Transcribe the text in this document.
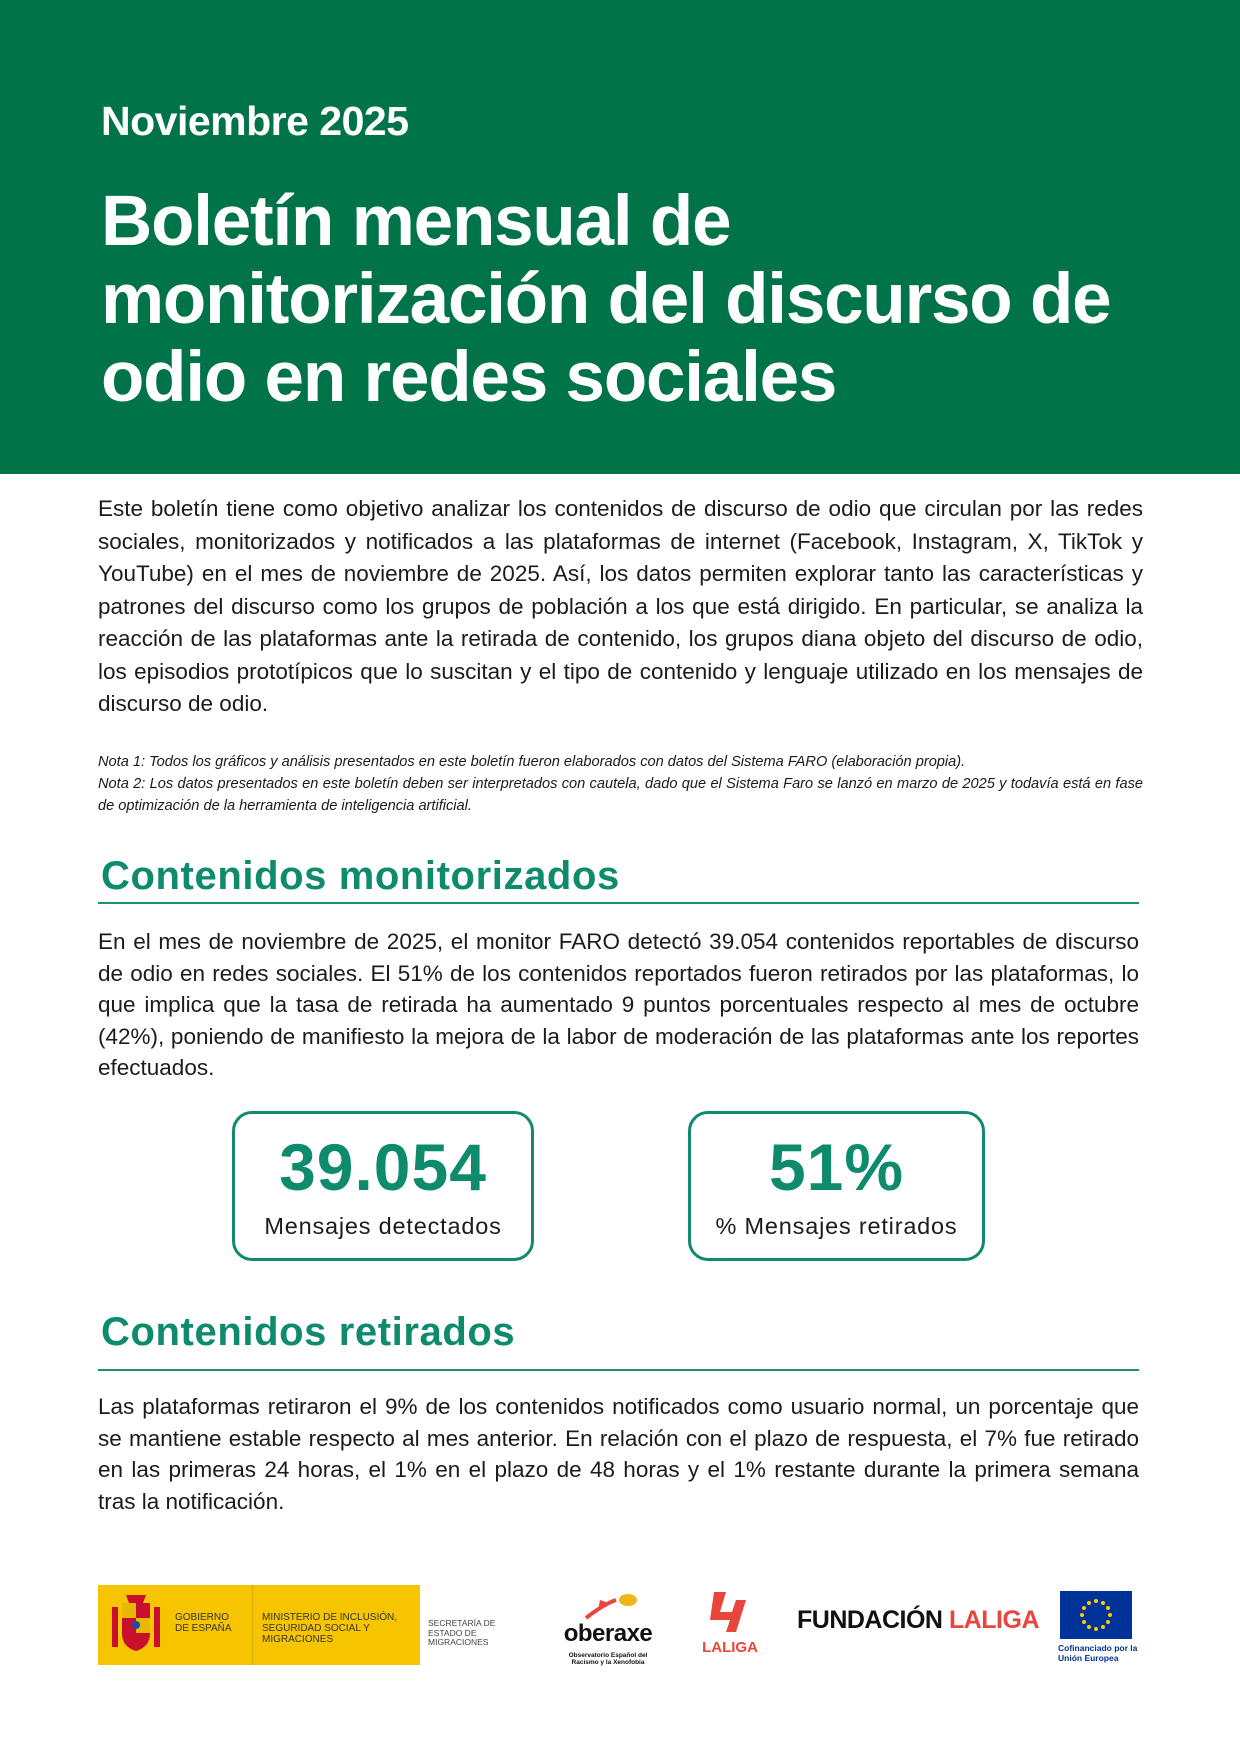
Noviembre 2025
Boletín mensual de monitorización del discurso de odio en redes sociales

Este boletín tiene como objetivo analizar los contenidos de discurso de odio que circulan por las redes sociales, monitorizados y notificados a las plataformas de internet (Facebook, Instagram, X, TikTok y YouTube) en el mes de noviembre de 2025. Así, los datos permiten explorar tanto las características y patrones del discurso como los grupos de población a los que está dirigido. En particular, se analiza la reacción de las plataformas ante la retirada de contenido, los grupos diana objeto del discurso de odio, los episodios prototípicos que lo suscitan y el tipo de contenido y lenguaje utilizado en los mensajes de discurso de odio.

Nota 1: Todos los gráficos y análisis presentados en este boletín fueron elaborados con datos del Sistema FARO (elaboración propia).
Nota 2: Los datos presentados en este boletín deben ser interpretados con cautela, dado que el Sistema Faro se lanzó en marzo de 2025 y todavía está en fase de optimización de la herramienta de inteligencia artificial.
Contenidos monitorizados

En el mes de noviembre de 2025, el monitor FARO detectó 39.054 contenidos reportables de discurso de odio en redes sociales. El 51% de los contenidos reportados fueron retirados por las plataformas, lo que implica que la tasa de retirada ha aumentado 9 puntos porcentuales respecto al mes de octubre (42%), poniendo de manifiesto la mejora de la labor de moderación de las plataformas ante los reportes efectuados.

39.054
Mensajes detectados
51%
% Mensajes retirados
Contenidos retirados

Las plataformas retiraron el 9% de los contenidos notificados como usuario normal, un porcentaje que se mantiene estable respecto al mes anterior. En relación con el plazo de respuesta, el 7% fue retirado en las primeras 24 horas, el 1% en el plazo de 48 horas y el 1% restante durante la primera semana tras la notificación.

GOBIERNO DE ESPAÑA
MINISTERIO DE INCLUSIÓN, SEGURIDAD SOCIAL Y MIGRACIONES
SECRETARÍA DE ESTADO DE MIGRACIONES	oberaxe
Observatorio Español del Racismo y la Xenofobia
LALIGA
FUNDACIÓN LALIGA
Cofinanciado por la Unión Europea
